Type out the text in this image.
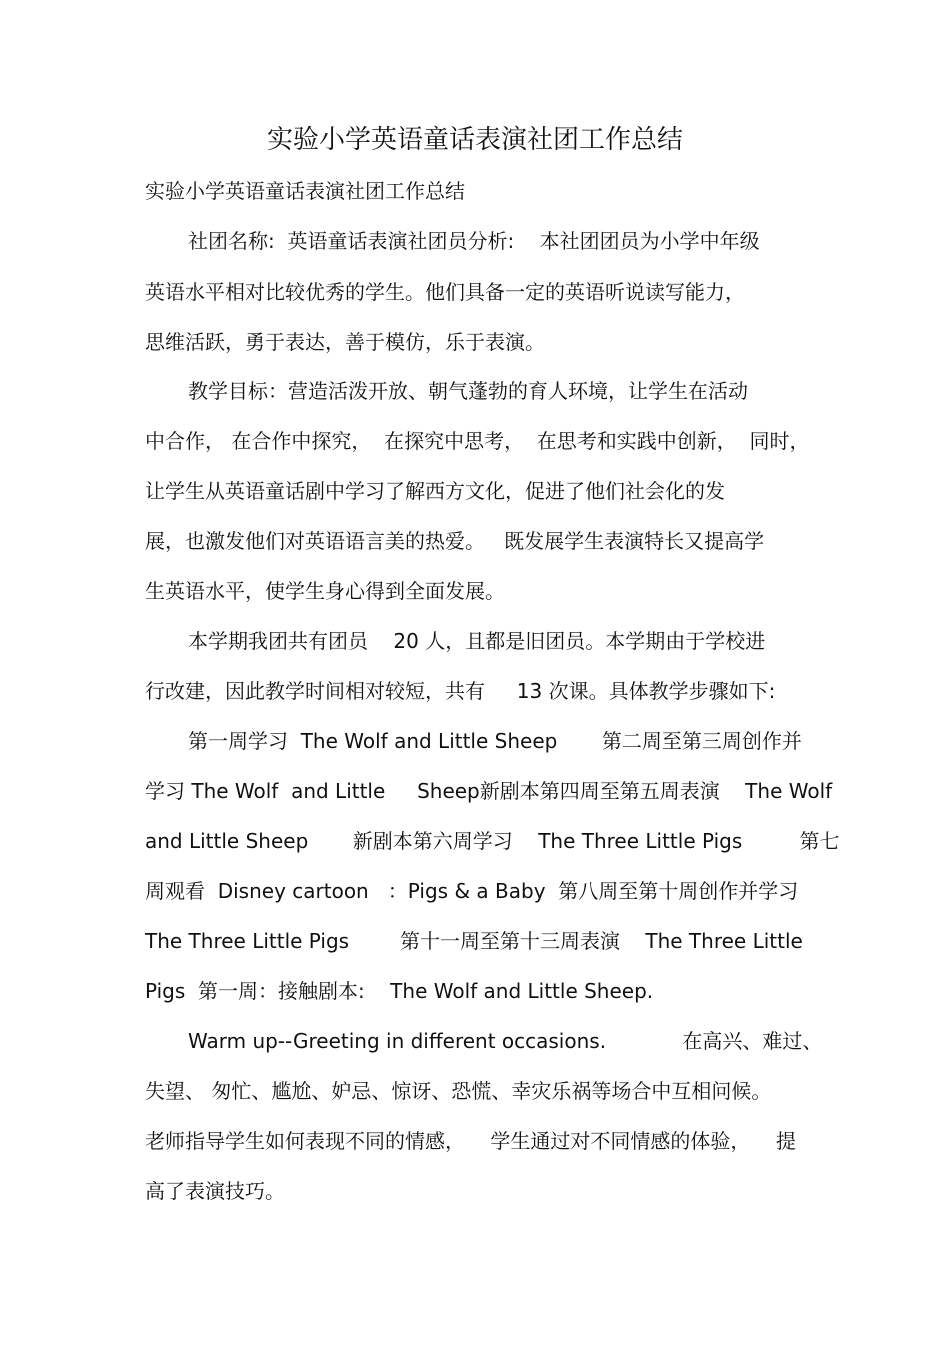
实验小学英语童话表演社团工作总结
实验小学英语童话表演社团工作总结
社团名称:  英语童话表演社团员分析:    本社团团员为小学中年级
英语水平相对比较优秀的学生。他们具备一定的英语听说读写能力，
思维活跃，勇于表达，善于模仿，乐于表演。
教学目标：营造活泼开放、朝气蓬勃的育人环境，让学生在活动
中合作， 在合作中探究，  在探究中思考，  在思考和实践中创新，  同时，
让学生从英语童话剧中学习了解西方文化，促进了他们社会化的发
展，也激发他们对英语语言美的热爱。   既发展学生表演特长又提高学
生英语水平，使学生身心得到全面发展。
本学期我团共有团员    20 人，且都是旧团员。本学期由于学校进
行改建，因此教学时间相对较短，共有     13 次课。具体教学步骤如下:
第一周学习  The Wolf and Little Sheep       第二周至第三周创作并
学习 The Wolf  and Little     Sheep新剧本第四周至第五周表演    The Wolf
and Little Sheep       新剧本第六周学习    The Three Little Pigs         第七
周观看  Disney cartoon   ：Pigs & a Baby  第八周至第十周创作并学习
The Three Little Pigs        第十一周至第十三周表演    The Three Little
Pigs  第一周：接触剧本:    The Wolf and Little Sheep.
Warm up--Greeting in different occasions.            在高兴、难过、
失望、 匆忙、尴尬、妒忌、惊讶、恐慌、幸灾乐祸等场合中互相问候。
老师指导学生如何表现不同的情感，    学生通过对不同情感的体验，    提
高了表演技巧。
